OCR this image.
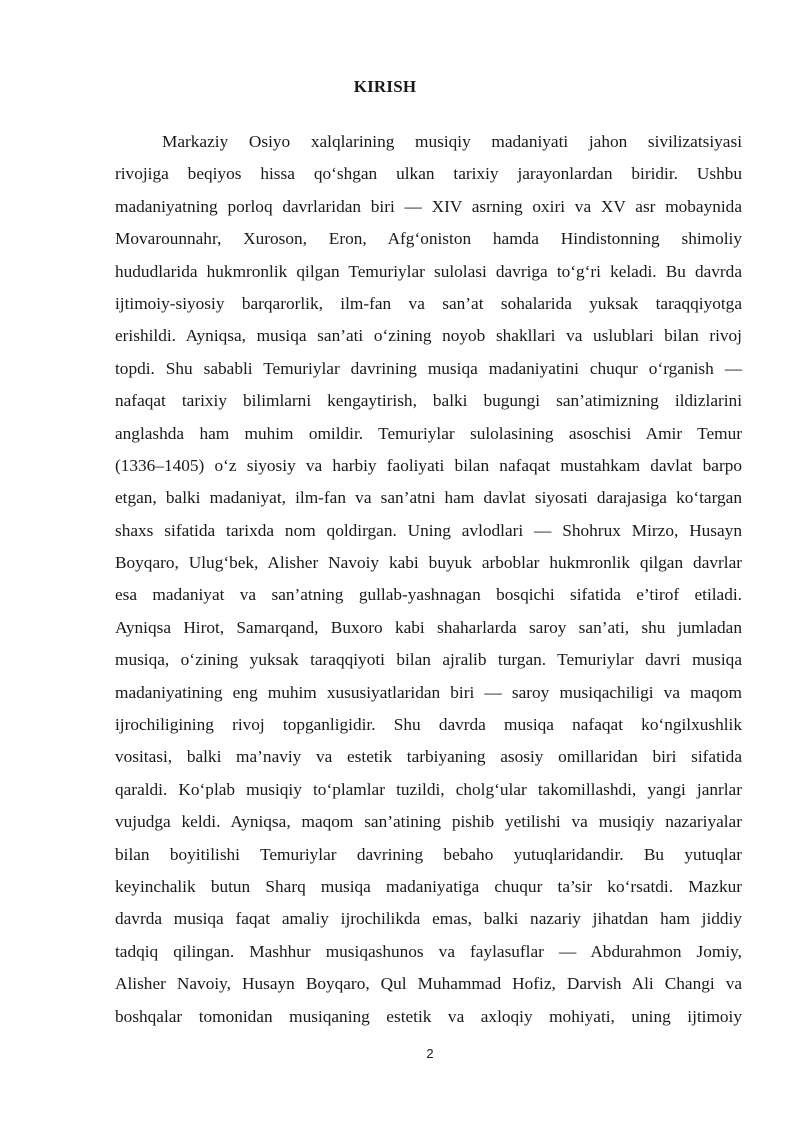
KIRISH
Markaziy Osiyo xalqlarining musiqiy madaniyati jahon sivilizatsiyasi
rivojiga beqiyos hissa qo‘shgan ulkan tarixiy jarayonlardan biridir. Ushbu
madaniyatning porloq davrlaridan biri — XIV asrning oxiri va XV asr mobaynida
Movarounnahr, Xuroson, Eron, Afg‘oniston hamda Hindistonning shimoliy
hududlarida hukmronlik qilgan Temuriylar sulolasi davriga to‘g‘ri keladi. Bu davrda
ijtimoiy-siyosiy barqarorlik, ilm-fan va san’at sohalarida yuksak taraqqiyotga
erishildi. Ayniqsa, musiqa san’ati o‘zining noyob shakllari va uslublari bilan rivoj
topdi. Shu sababli Temuriylar davrining musiqa madaniyatini chuqur o‘rganish —
nafaqat tarixiy bilimlarni kengaytirish, balki bugungi san’atimizning ildizlarini
anglashda ham muhim omildir. Temuriylar sulolasining asoschisi Amir Temur
(1336–1405) o‘z siyosiy va harbiy faoliyati bilan nafaqat mustahkam davlat barpo
etgan, balki madaniyat, ilm-fan va san’atni ham davlat siyosati darajasiga ko‘targan
shaxs sifatida tarixda nom qoldirgan. Uning avlodlari — Shohrux Mirzo, Husayn
Boyqaro, Ulug‘bek, Alisher Navoiy kabi buyuk arboblar hukmronlik qilgan davrlar
esa madaniyat va san’atning gullab-yashnagan bosqichi sifatida e’tirof etiladi.
Ayniqsa Hirot, Samarqand, Buxoro kabi shaharlarda saroy san’ati, shu jumladan
musiqa, o‘zining yuksak taraqqiyoti bilan ajralib turgan. Temuriylar davri musiqa
madaniyatining eng muhim xususiyatlaridan biri — saroy musiqachiligi va maqom
ijrochiligining rivoj topganligidir. Shu davrda musiqa nafaqat ko‘ngilxushlik
vositasi, balki ma’naviy va estetik tarbiyaning asosiy omillaridan biri sifatida
qaraldi. Ko‘plab musiqiy to‘plamlar tuzildi, cholg‘ular takomillashdi, yangi janrlar
vujudga keldi. Ayniqsa, maqom san’atining pishib yetilishi va musiqiy nazariyalar
bilan boyitilishi Temuriylar davrining bebaho yutuqlaridandir. Bu yutuqlar
keyinchalik butun Sharq musiqa madaniyatiga chuqur ta’sir ko‘rsatdi. Mazkur
davrda musiqa faqat amaliy ijrochilikda emas, balki nazariy jihatdan ham jiddiy
tadqiq qilingan. Mashhur musiqashunos va faylasuflar — Abdurahmon Jomiy,
Alisher Navoiy, Husayn Boyqaro, Qul Muhammad Hofiz, Darvish Ali Changi va
boshqalar tomonidan musiqaning estetik va axloqiy mohiyati, uning ijtimoiy
2
